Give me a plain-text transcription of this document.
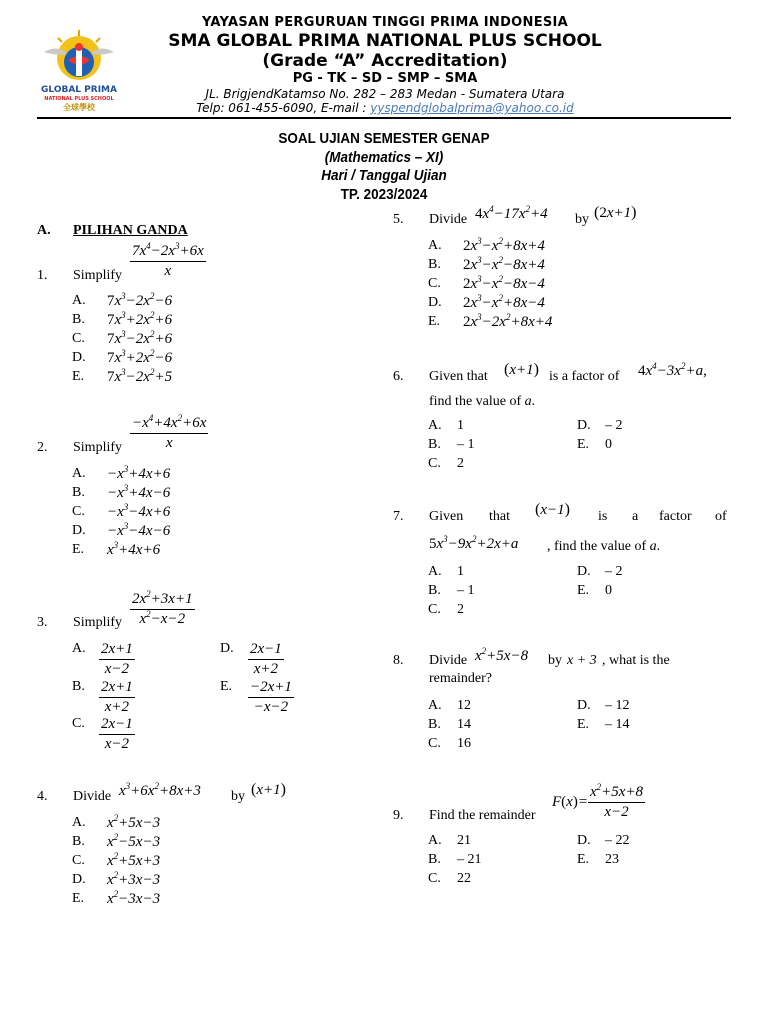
GLOBAL PRIMA
NATIONAL PLUS SCHOOL
全球學校
YAYASAN PERGURUAN TINGGI PRIMA INDONESIA
SMA GLOBAL PRIMA NATIONAL PLUS SCHOOL
(Grade “A” Accreditation)
PG - TK – SD – SMP – SMA
JL. BrigjendKatamso No. 282 – 283 Medan - Sumatera Utara
Telp: 061-455-6090, E-mail : yyspendglobalprima@yahoo.co.id
SOAL UJIAN SEMESTER GENAP
(Mathematics – XI)
Hari / Tanggal Ujian
TP. 2023/2024
A. PILIHAN GANDA
1. Simplify $\frac{7x^4-2x^3+6x}{x}$
A. $7x^3-2x^2-6$
B. $7x^3+2x^2+6$
C. $7x^3-2x^2+6$
D. $7x^3+2x^2-6$
E. $7x^3-2x^2+5$
2. Simplify $\frac{-x^4+4x^2+6x}{x}$
A. $-x^3+4x+6$
B. $-x^3+4x-6$
C. $-x^3-4x+6$
D. $-x^3-4x-6$
E. $x^3+4x+6$
3. Simplify $\frac{2x^2+3x+1}{x^2-x-2}$
A. $\frac{2x+1}{x-2}$
B. $\frac{2x+1}{x+2}$
C. $\frac{2x-1}{x-2}$
D. $\frac{2x-1}{x+2}$
E. $\frac{-2x+1}{-x-2}$
4. Divide $x^3+6x^2+8x+3$ by (x+1)
A. $x^2+5x-3$
B. $x^2-5x-3$
C. $x^2+5x+3$
D. $x^2+3x-3$
E. $x^2-3x-3$
5. Divide $4x^4-17x^2+4$ by (2x+1)
A. $2x^3-x^2+8x+4$
B. $2x^3-x^2-8x+4$
C. $2x^3-x^2-8x-4$
D. $2x^3-x^2+8x-4$
E. $2x^3-2x^2+8x+4$
6. Given that (x+1) is a factor of $4x^4-3x^2+a$,
find the value of a.
A. 1
B. – 1
C. 2
D. – 2
E. 0
7. Given that (x−1) is a factor of
$5x^3-9x^2+2x+a$ , find the value of a.
A. 1
B. – 1
C. 2
D. – 2
E. 0
8. Divide $x^2+5x-8$ by x + 3 , what is the
remainder?
A. 12
B. 14
C. 16
D. – 12
E. – 14
9. Find the remainder
$F(x)= \frac{x^2+5x+8}{x-2}$
A. 21
B. – 21
C. 22
D. – 22
E. 23
